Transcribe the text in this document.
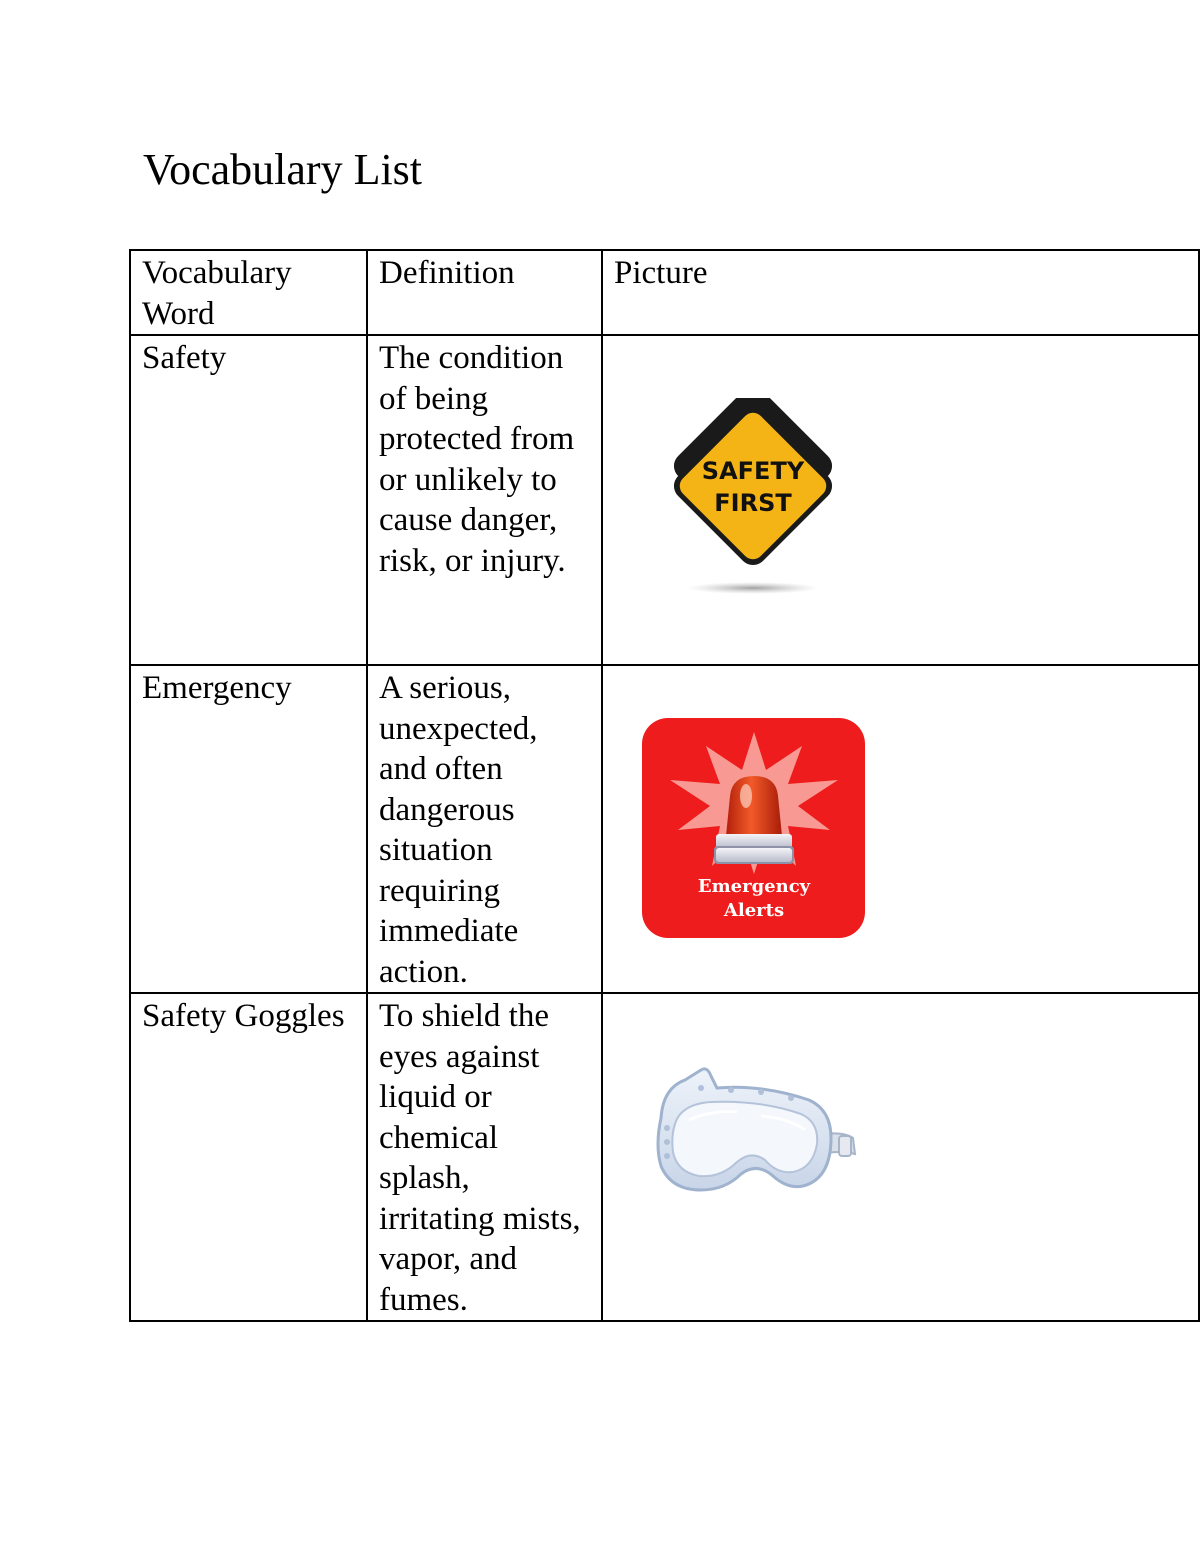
Vocabulary List
Vocabulary Word	Definition	Picture
Safety	The condition of being protected from or unlikely to cause danger, risk, or injury.	SAFETY
FIRST

Emergency	A serious, unexpected, and often dangerous situation requiring immediate action.	Emergency
Alerts

Safety Goggles	To shield the eyes against liquid or chemical splash, irritating mists, vapor, and fumes.	
